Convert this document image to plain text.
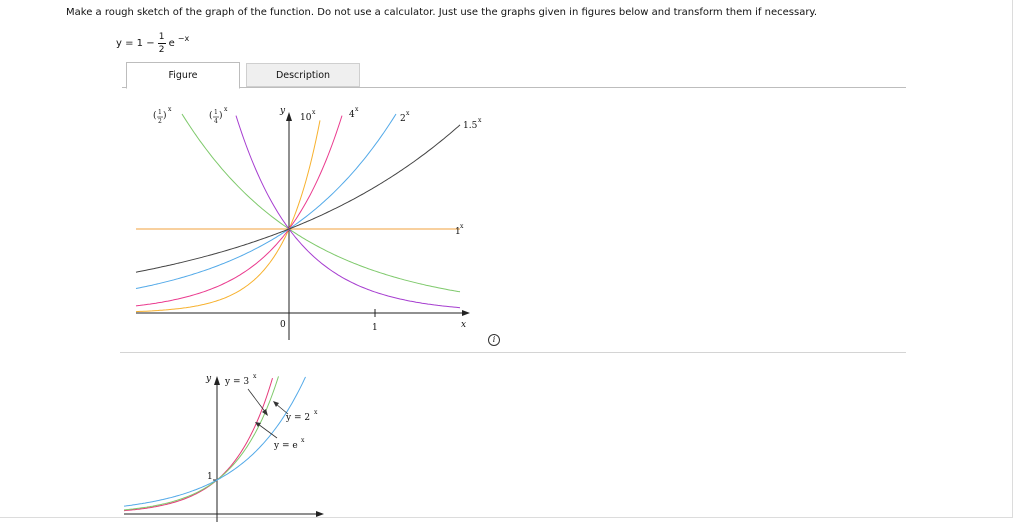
Make a rough sketch of the graph of the function. Do not use a calculator. Just use the graphs given in figures below and transform them if necessary.
$y = 1 - \frac{1}{2}$ e −x
Figure	Description
( 1
2
)
x
( 1
4
)
x	y
10
x	4
x
2
x
1.5
x
1
x
0	1	x
y y = 3
x
y = 2
x
y = e
x
1
i
